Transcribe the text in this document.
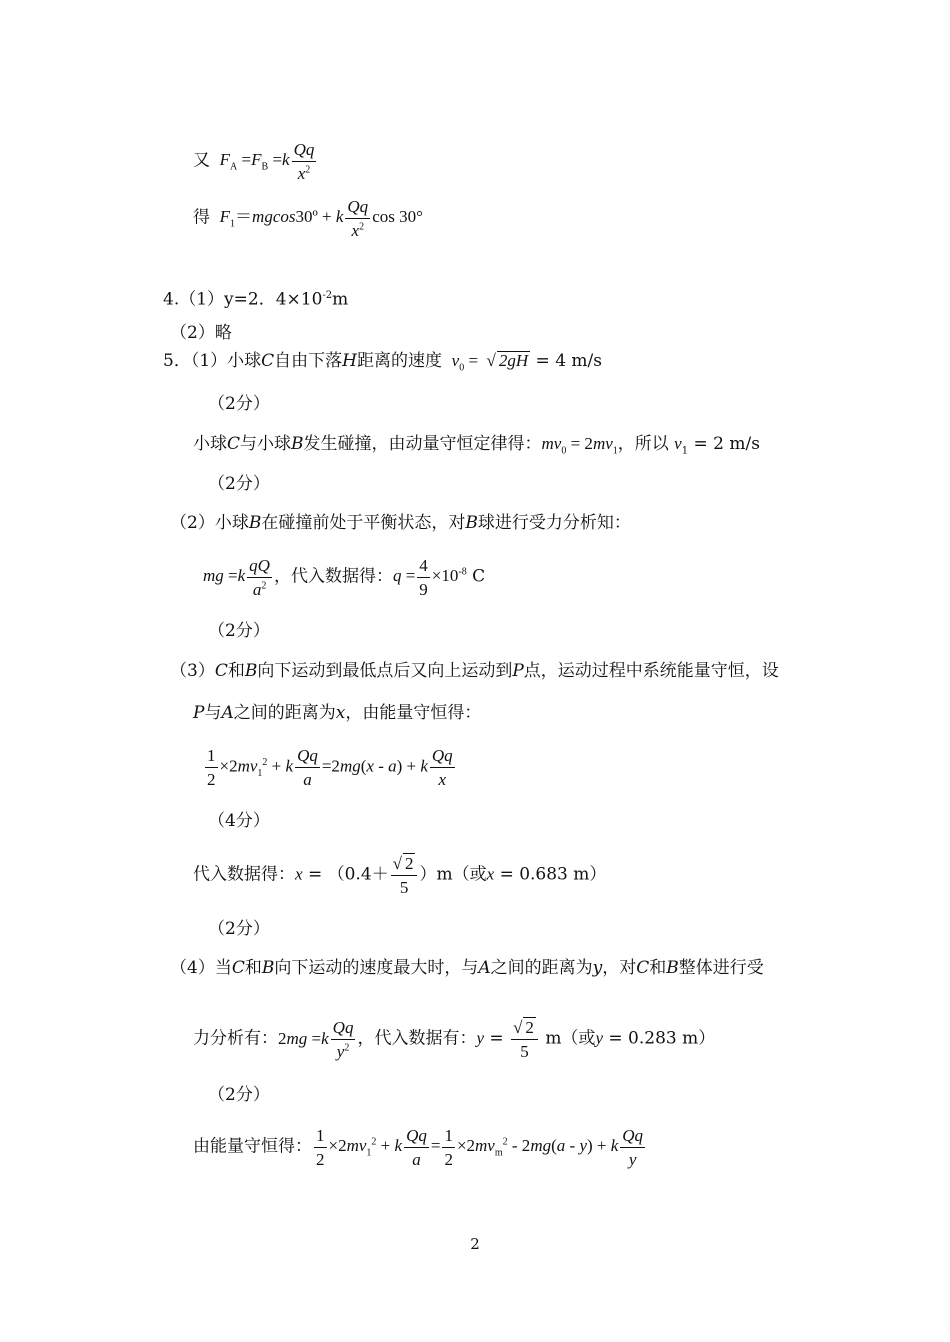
又 $F_A =F_B =k \frac{Qq}{x^2}$
得 $F_1=mgcos30º + k \frac{Qq}{x^2}$ cos 30°
4.（1）y=2．$4\times 10^{-2}m$
（2）略
5．（1）小球C自由下落H距离的速度 $v_0$ =  √ 2gH = 4 m/s
（2分）
小球C与小球B发生碰撞，由动量守恒定律得：$mv_0 = 2mv_1$，所以 $v_1 = 2$ m/s
（2分）
（2）小球B在碰撞前处于平衡状态，对B球进行受力分析知：
mg $=k \frac{qQ}{a^2}$ ，代入数据得：$q = \frac{4}{9} \times 10^{-8}$ C
（2分）
（3）C和B向下运动到最低点后又向上运动到P点，运动过程中系统能量守恒，设
P与A之间的距离为x，由能量守恒得：
$\frac{1}{2} \times 2mv_1^2 + k \frac{Qq}{a} =2mg(x - a) + k \frac{Qq}{x}$
（4分）
代入数据得：$x = (0.4+ \frac{√ 2}{5} )m$（或x = 0.683 m）
（2分）
（4）当C和B向下运动的速度最大时，与A之间的距离为y，对C和B整体进行受
力分析有：$2mg =k \frac{Qq}{y^2}$ ，代入数据有：$y = \frac{√ 2}{5} m$（或y = 0.283 m）
（2分）
由能量守恒得： $\frac{1}{2} \times 2mv_1^2 + k \frac{Qq}{a} = \frac{1}{2} \times 2mv_m^2 - 2mg(a - y) + k \frac{Qq}{y}$
2
